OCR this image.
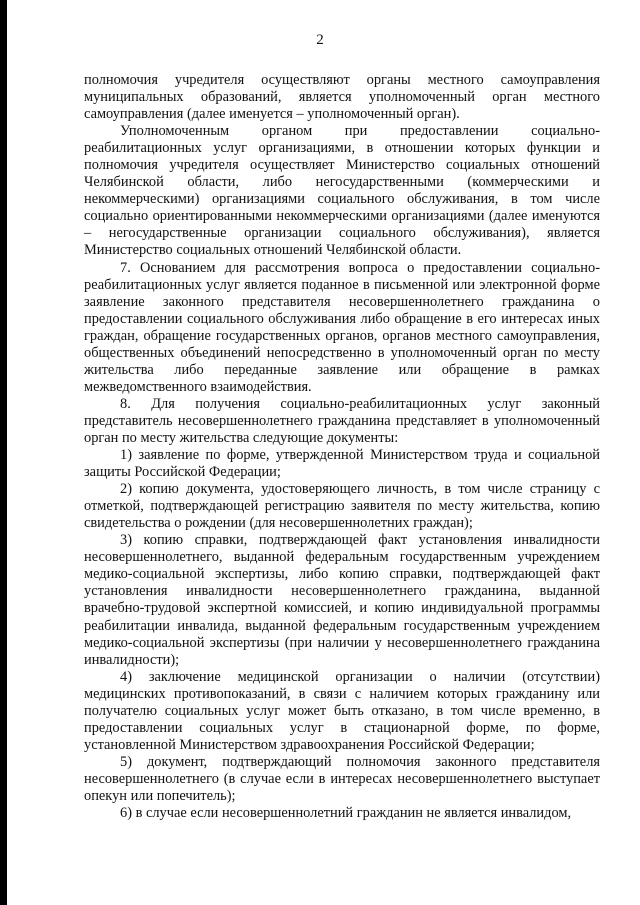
2

полномочия учредителя осуществляют органы местного самоуправления муниципальных образований, является уполномоченный орган местного самоуправления (далее именуется – уполномоченный орган).

Уполномоченным органом при предоставлении социально-реабилитационных услуг организациями, в отношении которых функции и полномочия учредителя осуществляет Министерство социальных отношений Челябинской области, либо негосударственными (коммерческими и некоммерческими) организациями социального обслуживания, в том числе социально ориентированными некоммерческими организациями (далее именуются – негосударственные организации социального обслуживания), является Министерство социальных отношений Челябинской области.

7. Основанием для рассмотрения вопроса о предоставлении социально-реабилитационных услуг является поданное в письменной или электронной форме заявление законного представителя несовершеннолетнего гражданина о предоставлении социального обслуживания либо обращение в его интересах иных граждан, обращение государственных органов, органов местного самоуправления, общественных объединений непосредственно в уполномоченный орган по месту жительства либо переданные заявление или обращение в рамках межведомственного взаимодействия.

8. Для получения социально-реабилитационных услуг законный представитель несовершеннолетнего гражданина представляет в уполномоченный орган по месту жительства следующие документы:

1) заявление по форме, утвержденной Министерством труда и социальной защиты Российской Федерации;

2) копию документа, удостоверяющего личность, в том числе страницу с отметкой, подтверждающей регистрацию заявителя по месту жительства, копию свидетельства о рождении (для несовершеннолетних граждан);

3) копию справки, подтверждающей факт установления инвалидности несовершеннолетнего, выданной федеральным государственным учреждением медико-социальной экспертизы, либо копию справки, подтверждающей факт установления инвалидности несовершеннолетнего гражданина, выданной врачебно-трудовой экспертной комиссией, и копию индивидуальной программы реабилитации инвалида, выданной федеральным государственным учреждением медико-социальной экспертизы (при наличии у несовершеннолетнего гражданина инвалидности);

4) заключение медицинской организации о наличии (отсутствии) медицинских противопоказаний, в связи с наличием которых гражданину или получателю социальных услуг может быть отказано, в том числе временно, в предоставлении социальных услуг в стационарной форме, по форме, установленной Министерством здравоохранения Российской Федерации;

5) документ, подтверждающий полномочия законного представителя несовершеннолетнего (в случае если в интересах несовершеннолетнего выступает опекун или попечитель);

6) в случае если несовершеннолетний гражданин не является инвалидом,
